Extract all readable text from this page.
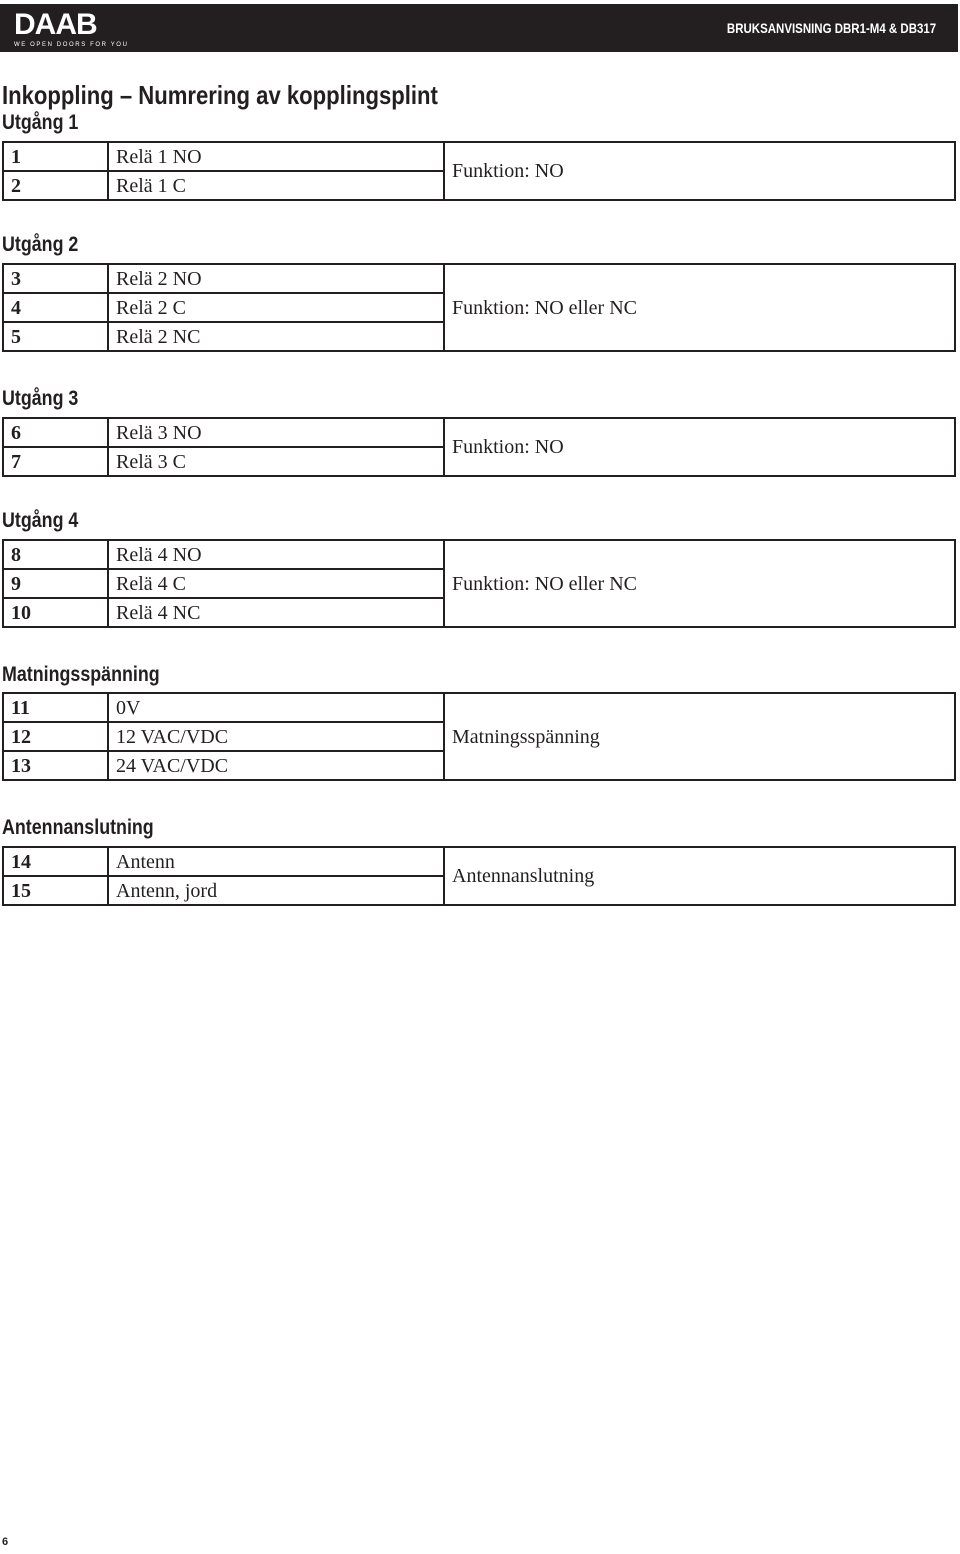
DAAB
WE OPEN DOORS FOR YOU
BRUKSANVISNING DBR1-M4 & DB317
Inkoppling – Numrering av kopplingsplint
Utgång 1
1	Relä 1 NO	Funktion: NO
2	Relä 1 C	
Utgång 2
3	Relä 2 NO	Funktion: NO eller NC
4	Relä 2 C	
5	Relä 2 NC	
Utgång 3
6	Relä 3 NO	Funktion: NO
7	Relä 3 C	
Utgång 4
8	Relä 4 NO	Funktion: NO eller NC
9	Relä 4 C	
10	Relä 4 NC	
Matningsspänning
11	0V	Matningsspänning
12	12 VAC/VDC	
13	24 VAC/VDC	
Antennanslutning
14	Antenn	Antennanslutning
15	Antenn, jord	
6
